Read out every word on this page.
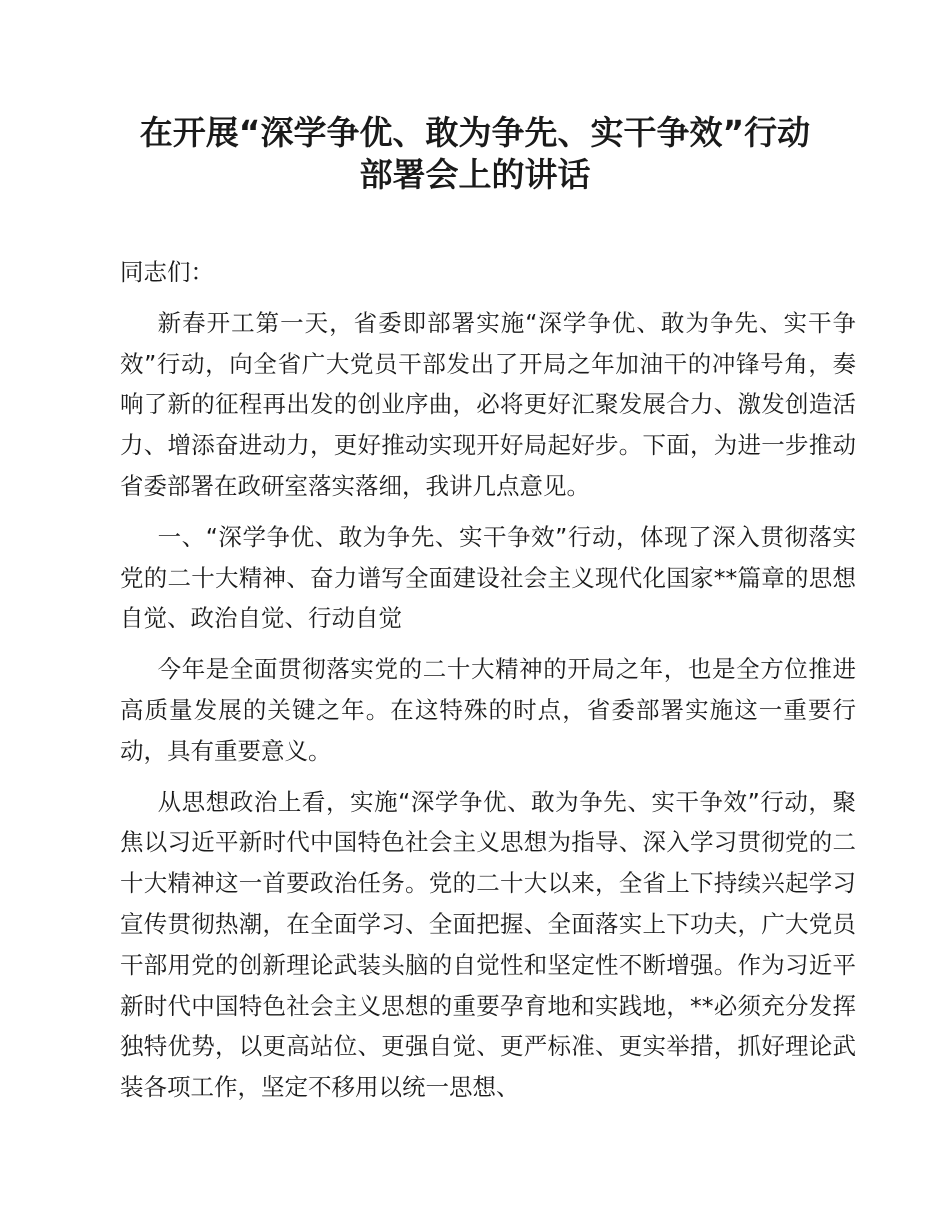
在开展“深学争优、敢为争先、实干争效”行动
部署会上的讲话

同志们：

新春开工第一天，省委即部署实施“深学争优、敢为争先、实干争效”行动，向全省广大党员干部发出了开局之年加油干的冲锋号角，奏响了新的征程再出发的创业序曲，必将更好汇聚发展合力、激发创造活力、增添奋进动力，更好推动实现开好局起好步。下面，为进一步推动省委部署在政研室落实落细，我讲几点意见。

一、“深学争优、敢为争先、实干争效”行动，体现了深入贯彻落实党的二十大精神、奋力谱写全面建设社会主义现代化国家**篇章的思想自觉、政治自觉、行动自觉

今年是全面贯彻落实党的二十大精神的开局之年，也是全方位推进高质量发展的关键之年。在这特殊的时点，省委部署实施这一重要行动，具有重要意义。

从思想政治上看，实施“深学争优、敢为争先、实干争效”行动，聚焦以习近平新时代中国特色社会主义思想为指导、深入学习贯彻党的二十大精神这一首要政治任务。党的二十大以来，全省上下持续兴起学习宣传贯彻热潮，在全面学习、全面把握、全面落实上下功夫，广大党员干部用党的创新理论武装头脑的自觉性和坚定性不断增强。作为习近平新时代中国特色社会主义思想的重要孕育地和实践地，**必须充分发挥独特优势，以更高站位、更强自觉、更严标准、更实举措，抓好理论武装各项工作，坚定不移用以统一思想、
